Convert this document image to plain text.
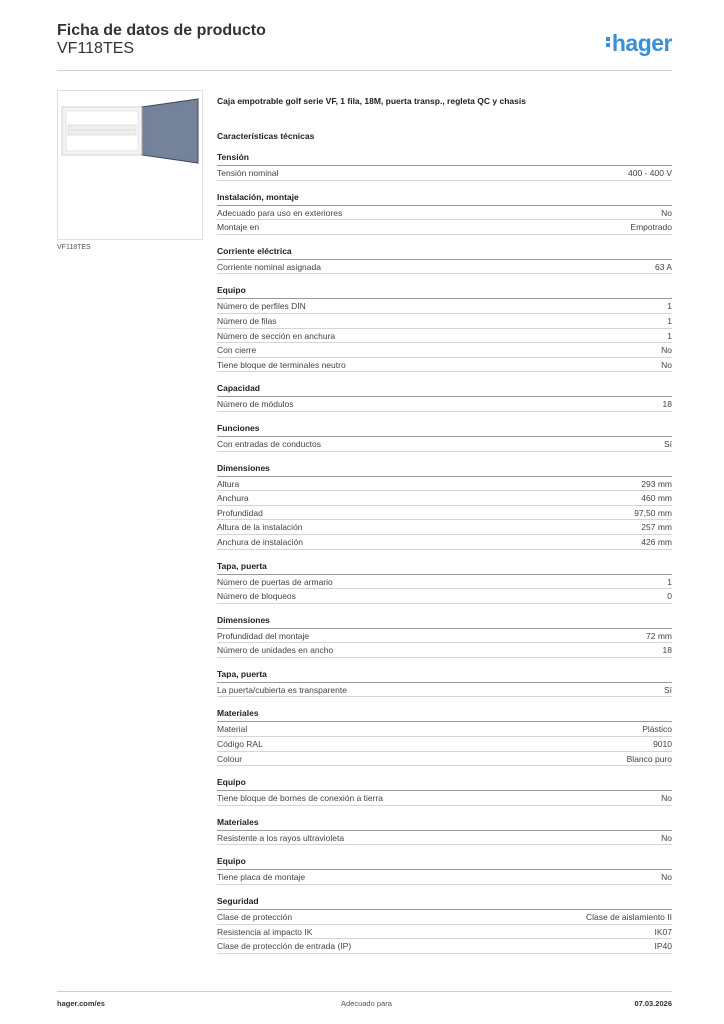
Ficha de datos de producto
VF118TES	hager
VF118TES
Caja empotrable golf serie VF, 1 fila, 18M, puerta transp., regleta QC y chasis
Características técnicas
Tensión
Tensión nominal	400 - 400 V
Instalación, montaje
Adecuado para uso en exteriores	No
Montaje en	Empotrado
Corriente eléctrica
Corriente nominal asignada	63 A
Equipo
Número de perfiles DIN	1
Número de filas	1
Número de sección en anchura	1
Con cierre	No
Tiene bloque de terminales neutro	No
Capacidad
Número de módulos	18
Funciones
Con entradas de conductos	Sí
Dimensiones
Altura	293 mm
Anchura	460 mm
Profundidad	97,50 mm
Altura de la instalación	257 mm
Anchura de instalación	426 mm
Tapa, puerta
Número de puertas de armario	1
Número de bloqueos	0
Dimensiones
Profundidad del montaje	72 mm
Número de unidades en ancho	18
Tapa, puerta
La puerta/cubierta es transparente	Sí
Materiales
Material	Plástico
Código RAL	9010
Colour	Blanco puro
Equipo
Tiene bloque de bornes de conexión a tierra	No
Materiales
Resistente a los rayos ultravioleta	No
Equipo
Tiene placa de montaje	No
Seguridad
Clase de protección	Clase de aislamiento II
Resistencia al impacto IK	IK07
Clase de protección de entrada (IP)	IP40
hager.com/es	Adecuado para	07.03.2026
